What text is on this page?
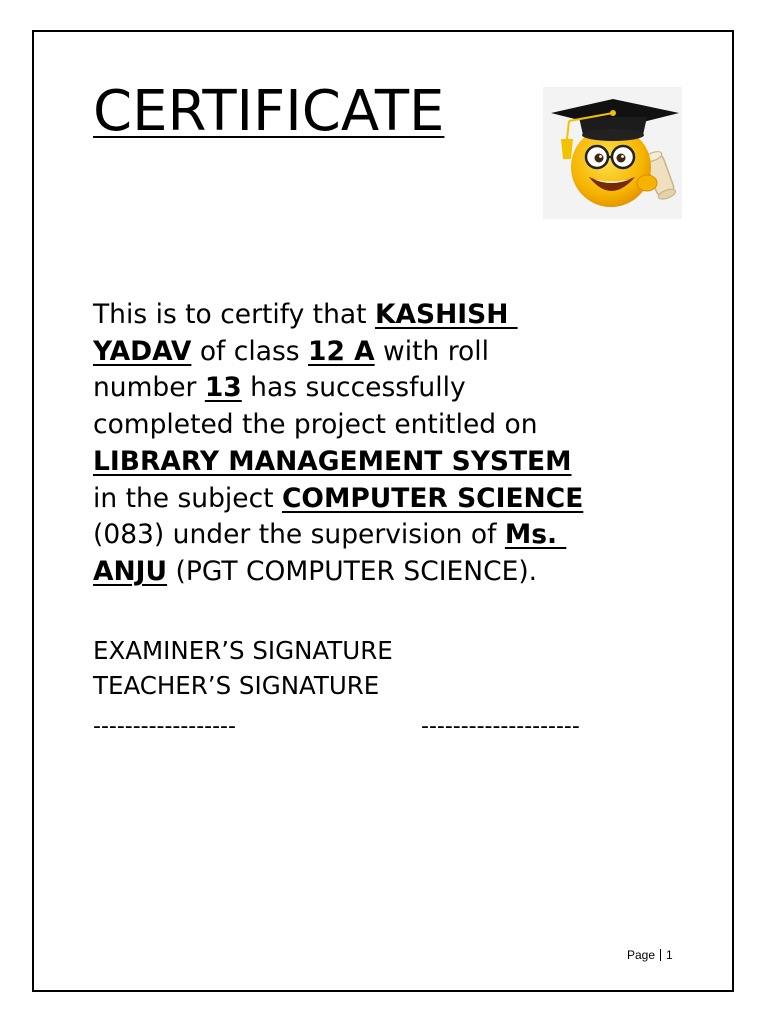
CERTIFICATE
This is to certify that KASHISH
YADAV of class 12 A with roll
number 13 has successfully
completed the project entitled on
LIBRARY MANAGEMENT SYSTEM
in the subject COMPUTER SCIENCE
(083) under the supervision of Ms.
ANJU (PGT COMPUTER SCIENCE).
EXAMINER’S SIGNATURE
TEACHER’S SIGNATURE
------------------	--------------------
Page 1
